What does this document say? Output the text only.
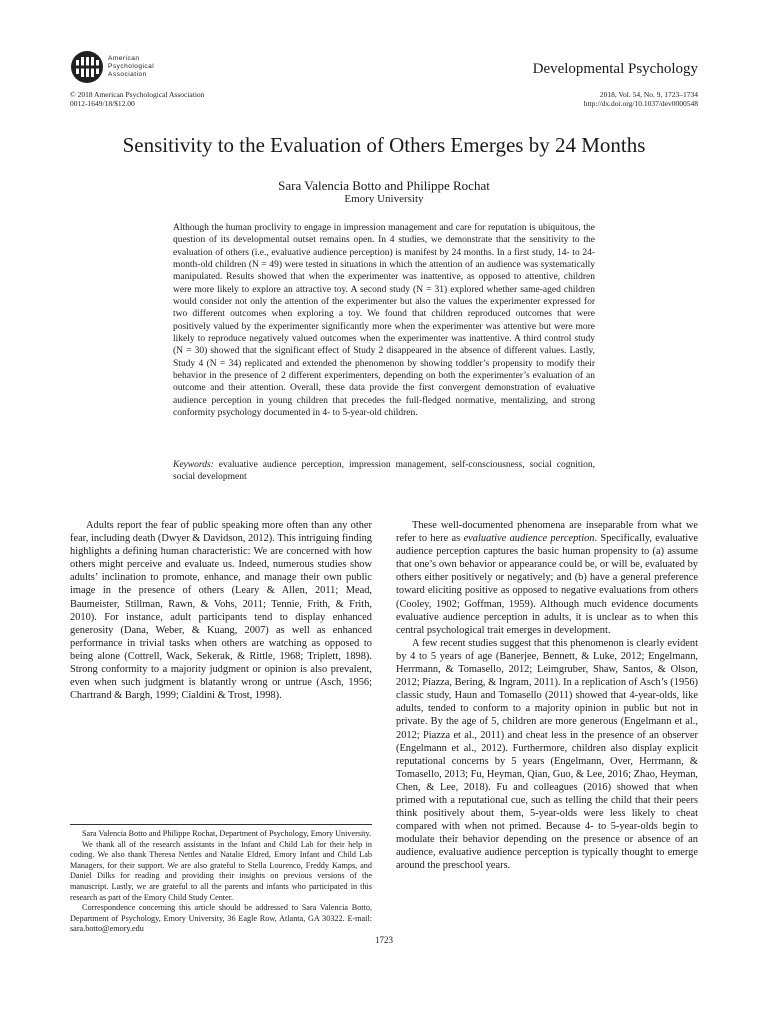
American
Psychological
Association	Developmental Psychology
© 2018 American Psychological Association
0012-1649/18/$12.00
2018, Vol. 54, No. 9, 1723–1734
http://dx.doi.org/10.1037/dev0000548
Sensitivity to the Evaluation of Others Emerges by 24 Months
Sara Valencia Botto and Philippe Rochat
Emory University
Although the human proclivity to engage in impression management and care for reputation is ubiquitous, the question of its developmental outset remains open. In 4 studies, we demonstrate that the sensitivity to the evaluation of others (i.e., evaluative audience perception) is manifest by 24 months. In a first study, 14- to 24-month-old children (N = 49) were tested in situations in which the attention of an audience was systematically manipulated. Results showed that when the experimenter was inattentive, as opposed to attentive, children were more likely to explore an attractive toy. A second study (N = 31) explored whether same-aged children would consider not only the attention of the experimenter but also the values the experimenter expressed for two different outcomes when exploring a toy. We found that children reproduced outcomes that were positively valued by the experimenter significantly more when the experimenter was attentive but were more likely to reproduce negatively valued outcomes when the experimenter was inattentive. A third control study (N = 30) showed that the significant effect of Study 2 disappeared in the absence of different values. Lastly, Study 4 (N = 34) replicated and extended the phenomenon by showing toddler’s propensity to modify their behavior in the presence of 2 different experimenters, depending on both the experimenter’s evaluation of an outcome and their attention. Overall, these data provide the first convergent demonstration of evaluative audience perception in young children that precedes the full-fledged normative, mentalizing, and strong conformity psychology documented in 4- to 5-year-old children.
Keywords: evaluative audience perception, impression management, self-consciousness, social cognition, social development

Adults report the fear of public speaking more often than any other fear, including death (Dwyer & Davidson, 2012). This intriguing finding highlights a defining human characteristic: We are concerned with how others might perceive and evaluate us. Indeed, numerous studies show adults’ inclination to promote, enhance, and manage their own public image in the presence of others (Leary & Allen, 2011; Mead, Baumeister, Stillman, Rawn, & Vohs, 2011; Tennie, Frith, & Frith, 2010). For instance, adult participants tend to display enhanced generosity (Dana, Weber, & Kuang, 2007) as well as enhanced performance in trivial tasks when others are watching as opposed to being alone (Cottrell, Wack, Sekerak, & Rittle, 1968; Triplett, 1898). Strong conformity to a majority judgment or opinion is also prevalent, even when such judgment is blatantly wrong or untrue (Asch, 1956; Chartrand & Bargh, 1999; Cialdini & Trost, 1998).

These well-documented phenomena are inseparable from what we refer to here as evaluative audience perception. Specifically, evaluative audience perception captures the basic human propensity to (a) assume that one’s own behavior or appearance could be, or will be, evaluated by others either positively or negatively; and (b) have a general preference toward eliciting positive as opposed to negative evaluations from others (Cooley, 1902; Goffman, 1959). Although much evidence documents evaluative audience perception in adults, it is unclear as to when this central psychological trait emerges in development.

A few recent studies suggest that this phenomenon is clearly evident by 4 to 5 years of age (Banerjee, Bennett, & Luke, 2012; Engelmann, Herrmann, & Tomasello, 2012; Leimgruber, Shaw, Santos, & Olson, 2012; Piazza, Bering, & Ingram, 2011). In a replication of Asch’s (1956) classic study, Haun and Tomasello (2011) showed that 4-year-olds, like adults, tended to conform to a majority opinion in public but not in private. By the age of 5, children are more generous (Engelmann et al., 2012; Piazza et al., 2011) and cheat less in the presence of an observer (Engelmann et al., 2012). Furthermore, children also display explicit reputational concerns by 5 years (Engelmann, Over, Herrmann, & Tomasello, 2013; Fu, Heyman, Qian, Guo, & Lee, 2016; Zhao, Heyman, Chen, & Lee, 2018). Fu and colleagues (2016) showed that when primed with a reputational cue, such as telling the child that their peers think positively about them, 5-year-olds were less likely to cheat compared with when not primed. Because 4- to 5-year-olds begin to modulate their behavior depending on the presence or absence of an audience, evaluative audience perception is typically thought to emerge around the preschool years.

Sara Valencia Botto and Philippe Rochat, Department of Psychology, Emory University.

We thank all of the research assistants in the Infant and Child Lab for their help in coding. We also thank Theresa Nettles and Natalie Eldred, Emory Infant and Child Lab Managers, for their support. We are also grateful to Stella Lourenco, Freddy Kamps, and Daniel Dilks for reading and providing their insights on previous versions of the manuscript. Lastly, we are grateful to all the parents and infants who participated in this research as part of the Emory Child Study Center.

Correspondence concerning this article should be addressed to Sara Valencia Botto, Department of Psychology, Emory University, 36 Eagle Row, Atlanta, GA 30322. E-mail: sara.botto@emory.edu

1723
